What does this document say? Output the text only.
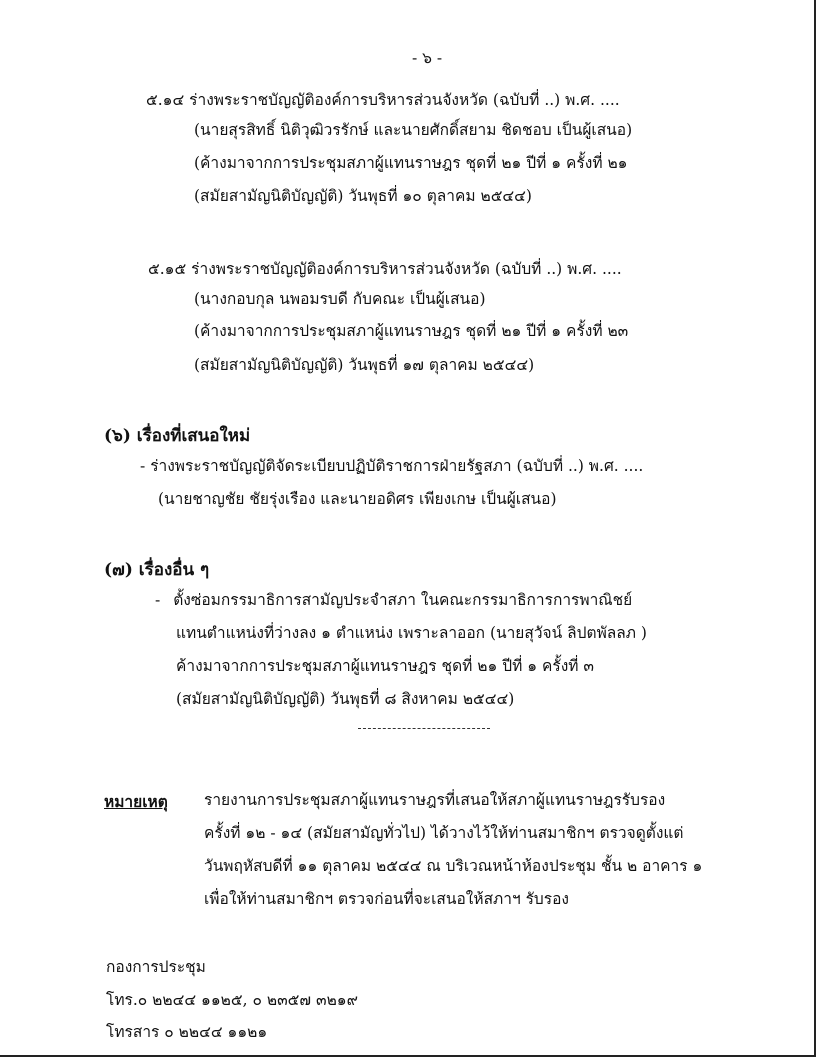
- ๖ -
๕.๑๔ ร่างพระราชบัญญัติองค์การบริหารส่วนจังหวัด (ฉบับที่ ..) พ.ศ. ....
(นายสุรสิทธิ์ นิติวุฒิวรรักษ์ และนายศักดิ์สยาม ชิดชอบ เป็นผู้เสนอ)
(ค้างมาจากการประชุมสภาผู้แทนราษฎร ชุดที่ ๒๑ ปีที่ ๑ ครั้งที่ ๒๑
(สมัยสามัญนิติบัญญัติ) วันพุธที่ ๑๐ ตุลาคม ๒๕๔๔)
๕.๑๕ ร่างพระราชบัญญัติองค์การบริหารส่วนจังหวัด (ฉบับที่ ..) พ.ศ. ....
(นางกอบกุล นพอมรบดี กับคณะ เป็นผู้เสนอ)
(ค้างมาจากการประชุมสภาผู้แทนราษฎร ชุดที่ ๒๑ ปีที่ ๑ ครั้งที่ ๒๓
(สมัยสามัญนิติบัญญัติ) วันพุธที่ ๑๗ ตุลาคม ๒๕๔๔)
(๖) เรื่องที่เสนอใหม่
- ร่างพระราชบัญญัติจัดระเบียบปฏิบัติราชการฝ่ายรัฐสภา (ฉบับที่ ..) พ.ศ. ....
(นายชาญชัย ชัยรุ่งเรือง และนายอดิศร เพียงเกษ เป็นผู้เสนอ)
(๗) เรื่องอื่น ๆ
- ตั้งซ่อมกรรมาธิการสามัญประจำสภา ในคณะกรรมาธิการการพาณิชย์
แทนตำแหน่งที่ว่างลง ๑ ตำแหน่ง เพราะลาออก (นายสุวัจน์ ลิปตพัลลภ )
ค้างมาจากการประชุมสภาผู้แทนราษฎร ชุดที่ ๒๑ ปีที่ ๑ ครั้งที่ ๓
(สมัยสามัญนิติบัญญัติ) วันพุธที่ ๘ สิงหาคม ๒๕๔๔)
หมายเหตุ รายงานการประชุมสภาผู้แทนราษฎรที่เสนอให้สภาผู้แทนราษฎรรับรอง
ครั้งที่ ๑๒ - ๑๔ (สมัยสามัญทั่วไป) ได้วางไว้ให้ท่านสมาชิกฯ ตรวจดูตั้งแต่
วันพฤหัสบดีที่ ๑๑ ตุลาคม ๒๕๔๔ ณ บริเวณหน้าห้องประชุม ชั้น ๒ อาคาร ๑
เพื่อให้ท่านสมาชิกฯ ตรวจก่อนที่จะเสนอให้สภาฯ รับรอง
กองการประชุม
โทร.๐ ๒๒๔๔ ๑๑๒๕, ๐ ๒๓๕๗ ๓๒๑๙
โทรสาร ๐ ๒๒๔๔ ๑๑๒๑
